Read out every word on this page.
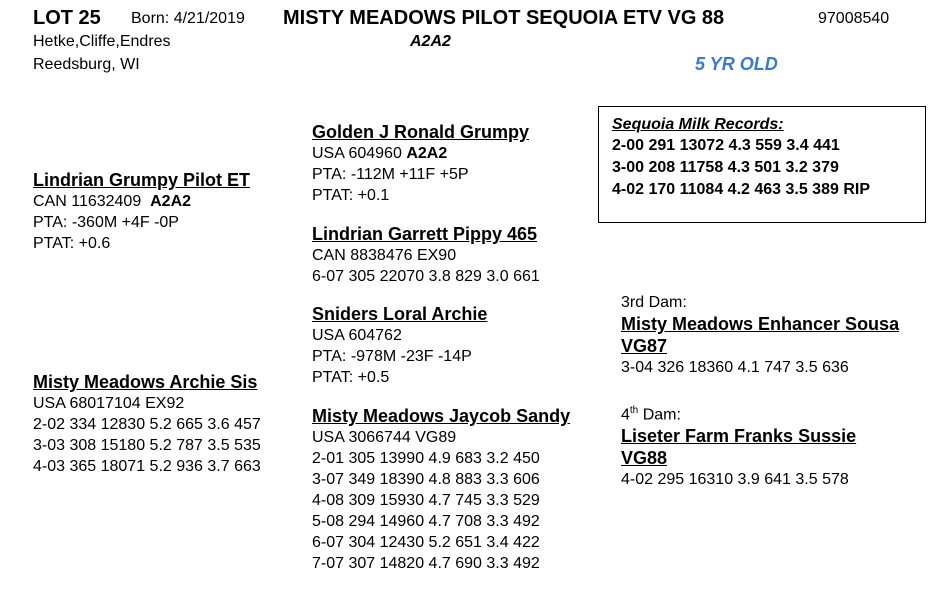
LOT 25 Born: 4/21/2019 MISTY MEADOWS PILOT SEQUOIA ETV VG 88	97008540
Hetke,Cliffe,Endres	A2A2
Reedsburg, WI	5 YR OLD
Sequoia Milk Records:
2-00 291 13072 4.3 559 3.4 441
3-00 208 11758 4.3 501 3.2 379
4-02 170 11084 4.2 463 3.5 389 RIP
Golden J Ronald Grumpy
USA 604960 A2A2
PTA: -112M +11F +5P
PTAT: +0.1
Lindrian Grumpy Pilot ET
CAN 11632409 A2A2
PTA: -360M +4F -0P
PTAT: +0.6	Lindrian Garrett Pippy 465
CAN 8838476 EX90
6-07 305 22070 3.8 829 3.0 661
3rd Dam:
Misty Meadows Enhancer Sousa
VG87
3-04 326 18360 4.1 747 3.5 636
Sniders Loral Archie
USA 604762
PTA: -978M -23F -14P
PTAT: +0.5
Misty Meadows Archie Sis
USA 68017104 EX92
2-02 334 12830 5.2 665 3.6 457
3-03 308 15180 5.2 787 3.5 535
4-03 365 18071 5.2 936 3.7 663
4th Dam:
Liseter Farm Franks Sussie
VG88
4-02 295 16310 3.9 641 3.5 578
Misty Meadows Jaycob Sandy
USA 3066744 VG89
2-01 305 13990 4.9 683 3.2 450
3-07 349 18390 4.8 883 3.3 606
4-08 309 15930 4.7 745 3.3 529
5-08 294 14960 4.7 708 3.3 492
6-07 304 12430 5.2 651 3.4 422
7-07 307 14820 4.7 690 3.3 492
